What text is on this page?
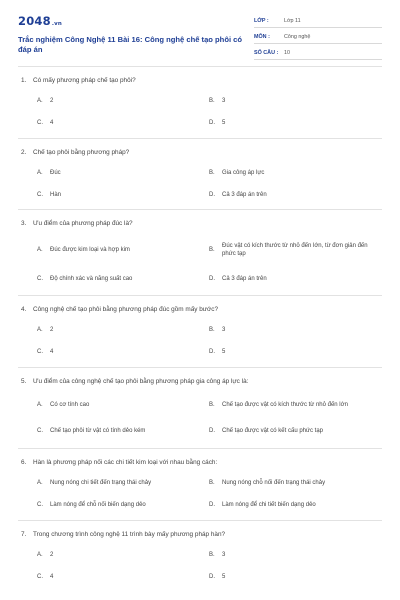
2048.vn
Trắc nghiệm Công Nghệ 11 Bài 16: Công nghệ chế tạo phôi có đáp án
LỚP :	Lớp 11
MÔN :	Công nghệ
SỐ CÂU :	10
1.	Có mấy phương pháp chế tạo phôi?
A.	2	B.	3
C.	4	D.	5
2.	Chế tạo phôi bằng phương pháp?
A.	Đúc	B.	Gia công áp lực
C.	Hàn	D.	Cả 3 đáp án trên
3.	Ưu điểm của phương pháp đúc là?
A.	Đúc được kim loại và hợp kim	B.
Đúc vật có kích thước từ nhỏ đến lớn, từ đơn giản đến phức tạp
C.	Độ chính xác và năng suất cao	D.	Cả 3 đáp án trên
4.	Công nghệ chế tạo phôi bằng phương pháp đúc gồm mấy bước?
A.	2	B.	3
C.	4	D.	5
5.	Ưu điểm của công nghệ chế tạo phôi bằng phương pháp gia công áp lực là:
A.	Có cơ tính cao	B.	Chế tạo được vật có kích thước từ nhỏ đến lớn
C.	Chế tạo phôi từ vật có tính dẻo kém	D.	Chế tạo được vật có kết cấu phức tạp
6.	Hàn là phương pháp nối các chi tiết kim loại với nhau bằng cách:
A.	Nung nóng chi tiết đến trạng thái chảy	B.	Nung nóng chỗ nối đến trạng thái chảy
C.	Làm nóng để chỗ nối biến dạng dẻo	D.	Làm nóng để chi tiết biến dạng dẻo
7.	Trong chương trình công nghệ 11 trình bày mấy phương pháp hàn?
A.	2	B.	3
C.	4	D.	5
